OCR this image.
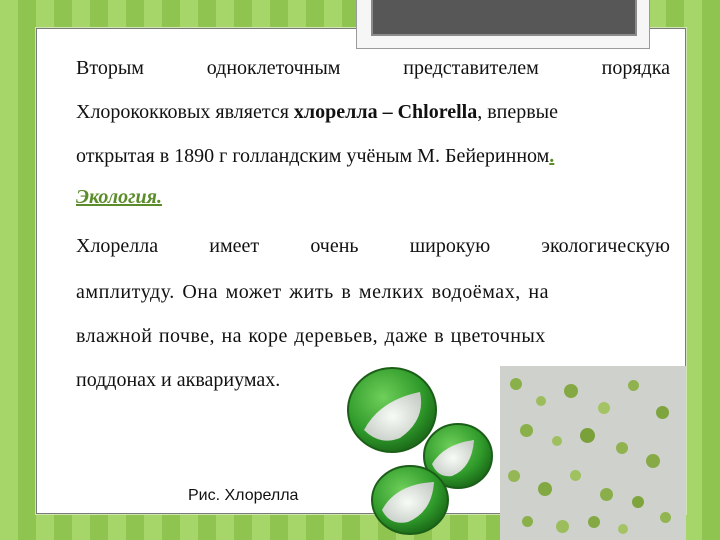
Вторым	одноклеточным	представителем	порядка
Хлорококковых является хлорелла – Chlorella, впервые
открытая в 1890 г голландским учёным М. Бейеринном.
Экология.
Хлорелла	имеет	очень	широкую	экологическую
амплитуду. Она может жить в мелких водоёмах, на
влажной почве, на коре деревьев, даже в цветочных
поддонах и аквариумах.
Рис. Хлорелла
